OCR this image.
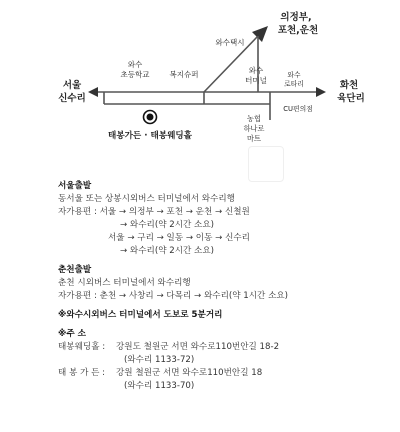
의정부,
포천,운천
와수택시
와수
초등학교	복지슈퍼	와수
터미널
와수
로타리	화천
육단리
서울
신수리
CU편의점
농협
하나로
마트
태봉가든 · 태봉웨딩홀
서울출발
동서울 또는 상봉시외버스 터미널에서 와수리행
자가용편 : 서울 → 의정부 → 포천 → 운천 → 신철원
→ 와수리(약 2시간 소요)
서울 → 구리 → 일동 → 이동 → 신수리
→ 와수리(약 2시간 소요)
춘천출발
춘천 시외버스 터미널에서 와수리행
자가용편 : 춘천 → 사창리 → 다목리 → 와수리(약 1시간 소요)
※와수시외버스 터미널에서 도보로 5분거리
※주 소
태봉웨딩홀 :	강원도 철원군 서면 와수로110번안길 18-2
(와수리 1133-72)
태 봉 가 든 :	강원 철원군 서면 와수로110번안길 18
(와수리 1133-70)
